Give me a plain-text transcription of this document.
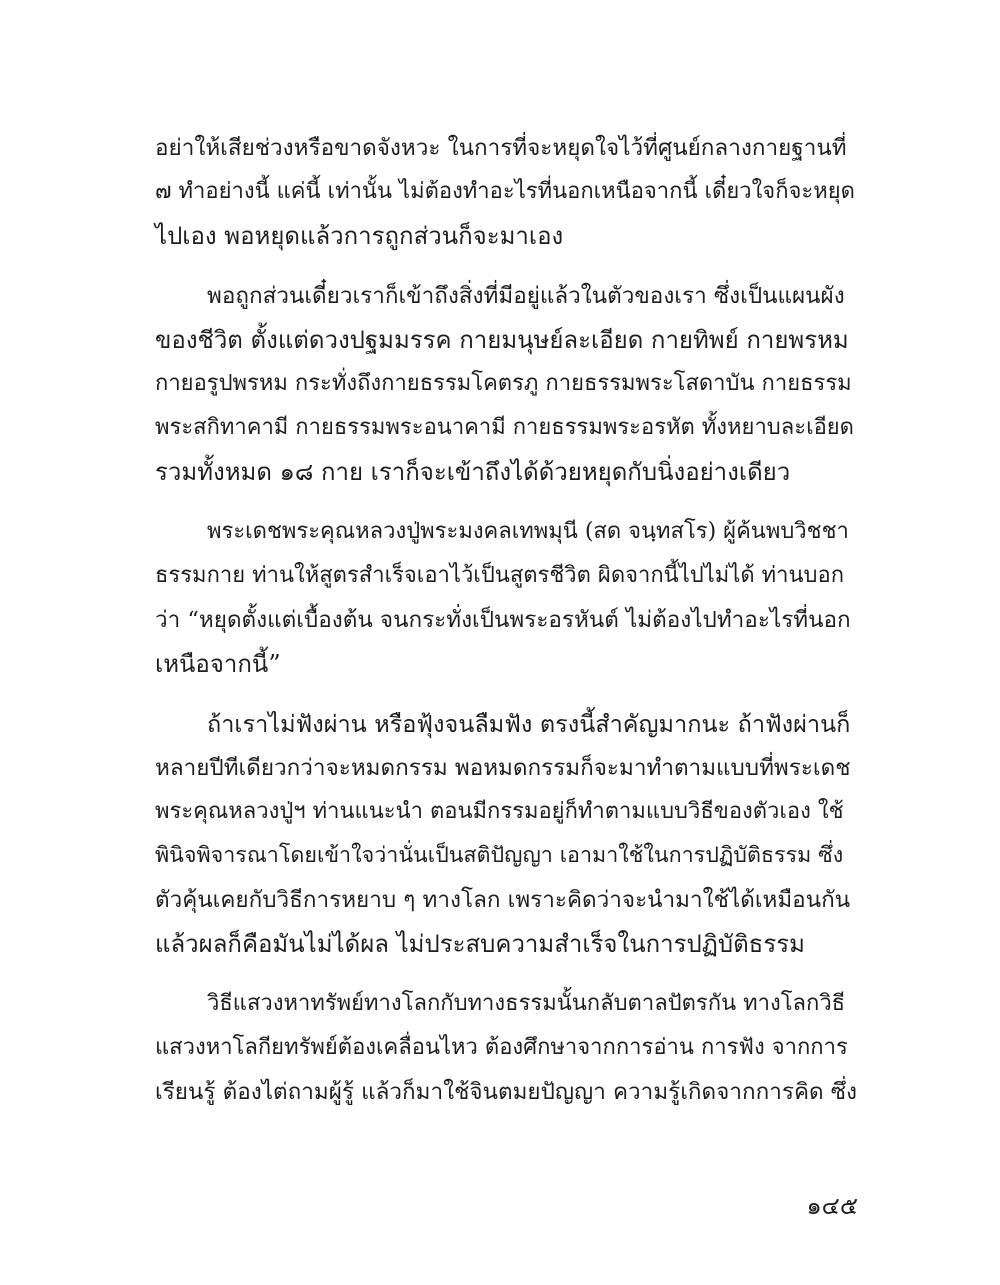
อย่าให้เสียช่วงหรือขาดจังหวะ ในการที่จะหยุดใจไว้ที่ศูนย์กลางกายฐานที่
๗ ทำอย่างนี้ แค่นี้ เท่านั้น ไม่ต้องทำอะไรที่นอกเหนือจากนี้ เดี๋ยวใจก็จะหยุด
ไปเอง พอหยุดแล้วการถูกส่วนก็จะมาเอง

พอถูกส่วนเดี๋ยวเราก็เข้าถึงสิ่งที่มีอยู่แล้วในตัวของเรา ซึ่งเป็นแผนผัง
ของชีวิต ตั้งแต่ดวงปฐมมรรค กายมนุษย์ละเอียด กายทิพย์ กายพรหม
กายอรูปพรหม กระทั่งถึงกายธรรมโคตรภู กายธรรมพระโสดาบัน กายธรรม
พระสกิทาคามี กายธรรมพระอนาคามี กายธรรมพระอรหัต ทั้งหยาบละเอียด
รวมทั้งหมด ๑๘ กาย เราก็จะเข้าถึงได้ด้วยหยุดกับนิ่งอย่างเดียว

พระเดชพระคุณหลวงปู่พระมงคลเทพมุนี (สด จนฺทสโร) ผู้ค้นพบวิชชา
ธรรมกาย ท่านให้สูตรสำเร็จเอาไว้เป็นสูตรชีวิต ผิดจากนี้ไปไม่ได้ ท่านบอก
ว่า “หยุดตั้งแต่เบื้องต้น จนกระทั่งเป็นพระอรหันต์ ไม่ต้องไปทำอะไรที่นอก
เหนือจากนี้”

ถ้าเราไม่ฟังผ่าน หรือฟุ้งจนลืมฟัง ตรงนี้สำคัญมากนะ ถ้าฟังผ่านก็
หลายปีทีเดียวกว่าจะหมดกรรม พอหมดกรรมก็จะมาทำตามแบบที่พระเดช
พระคุณหลวงปู่ฯ ท่านแนะนำ ตอนมีกรรมอยู่ก็ทำตามแบบวิธีของตัวเอง ใช้
พินิจพิจารณาโดยเข้าใจว่านั่นเป็นสติปัญญา เอามาใช้ในการปฏิบัติธรรม ซึ่ง
ตัวคุ้นเคยกับวิธีการหยาบ ๆ ทางโลก เพราะคิดว่าจะนำมาใช้ได้เหมือนกัน
แล้วผลก็คือมันไม่ได้ผล ไม่ประสบความสำเร็จในการปฏิบัติธรรม

วิธีแสวงหาทรัพย์ทางโลกกับทางธรรมนั้นกลับตาลปัตรกัน ทางโลกวิธี
แสวงหาโลกียทรัพย์ต้องเคลื่อนไหว ต้องศึกษาจากการอ่าน การฟัง จากการ
เรียนรู้ ต้องไต่ถามผู้รู้ แล้วก็มาใช้จินตมยปัญญา ความรู้เกิดจากการคิด ซึ่ง

๑๔๕
